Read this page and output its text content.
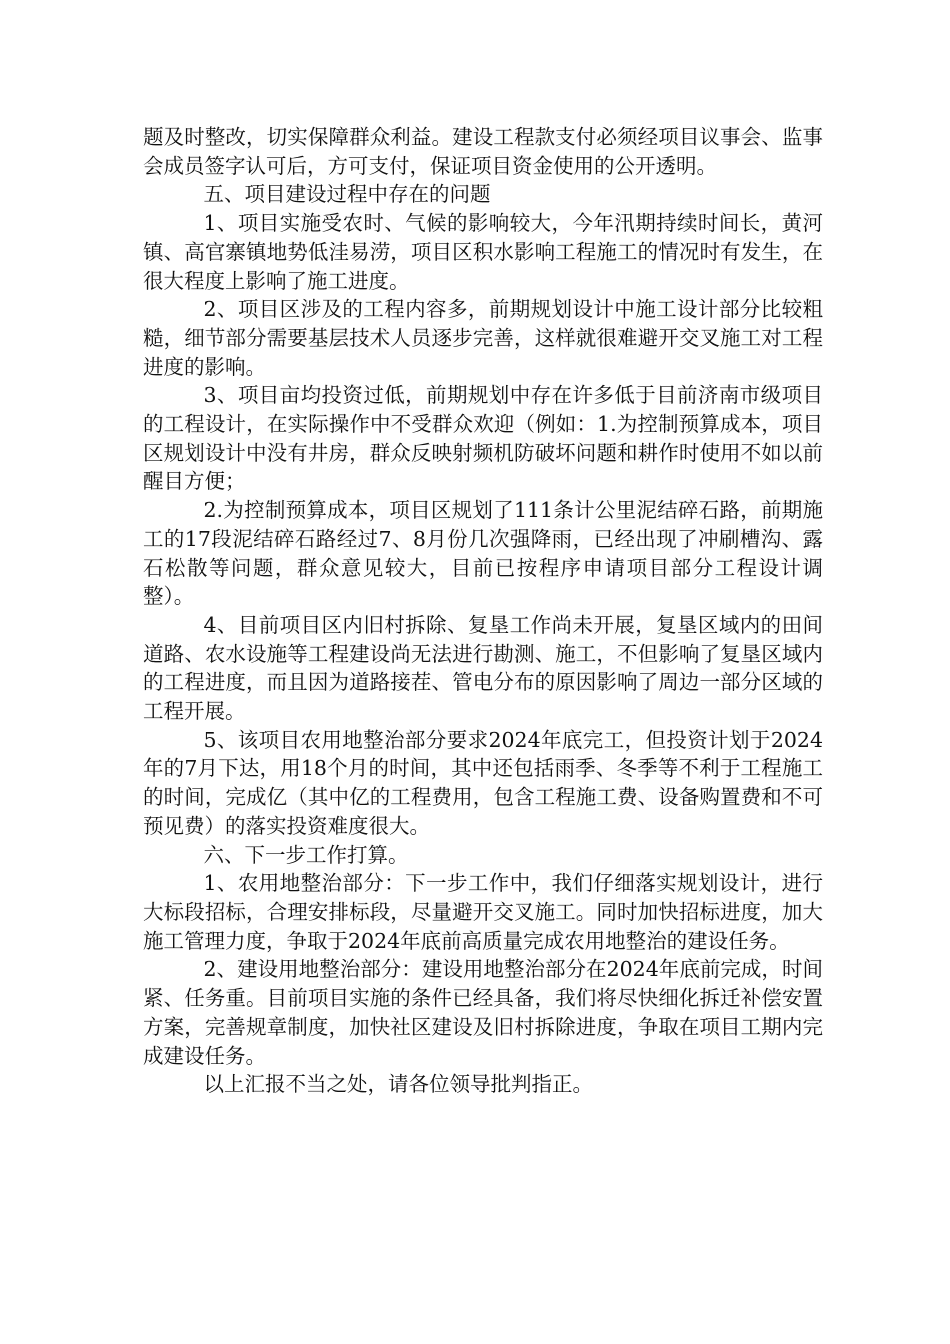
题及时整改，切实保障群众利益。建设工程款支付必须经项目议事会、监事会成员签字认可后，方可支付，保证项目资金使用的公开透明。

五、项目建设过程中存在的问题

1、项目实施受农时、气候的影响较大，今年汛期持续时间长，黄河镇、高官寨镇地势低洼易涝，项目区积水影响工程施工的情况时有发生，在很大程度上影响了施工进度。

2、项目区涉及的工程内容多，前期规划设计中施工设计部分比较粗糙，细节部分需要基层技术人员逐步完善，这样就很难避开交叉施工对工程进度的影响。

3、项目亩均投资过低，前期规划中存在许多低于目前济南市级项目的工程设计，在实际操作中不受群众欢迎（例如：1.为控制预算成本，项目区规划设计中没有井房，群众反映射频机防破坏问题和耕作时使用不如以前醒目方便；

2.为控制预算成本，项目区规划了111条计公里泥结碎石路，前期施工的17段泥结碎石路经过7、8月份几次强降雨，已经出现了冲刷槽沟、露石松散等问题，群众意见较大，目前已按程序申请项目部分工程设计调整）。

4、目前项目区内旧村拆除、复垦工作尚未开展，复垦区域内的田间道路、农水设施等工程建设尚无法进行勘测、施工，不但影响了复垦区域内的工程进度，而且因为道路接茬、管电分布的原因影响了周边一部分区域的工程开展。

5、该项目农用地整治部分要求2024年底完工，但投资计划于2024年的7月下达，用18个月的时间，其中还包括雨季、冬季等不利于工程施工的时间，完成亿（其中亿的工程费用，包含工程施工费、设备购置费和不可预见费）的落实投资难度很大。

六、下一步工作打算。

1、农用地整治部分：下一步工作中，我们仔细落实规划设计，进行大标段招标，合理安排标段，尽量避开交叉施工。同时加快招标进度，加大施工管理力度，争取于2024年底前高质量完成农用地整治的建设任务。

2、建设用地整治部分：建设用地整治部分在2024年底前完成，时间紧、任务重。目前项目实施的条件已经具备，我们将尽快细化拆迁补偿安置方案，完善规章制度，加快社区建设及旧村拆除进度，争取在项目工期内完成建设任务。

以上汇报不当之处，请各位领导批判指正。
